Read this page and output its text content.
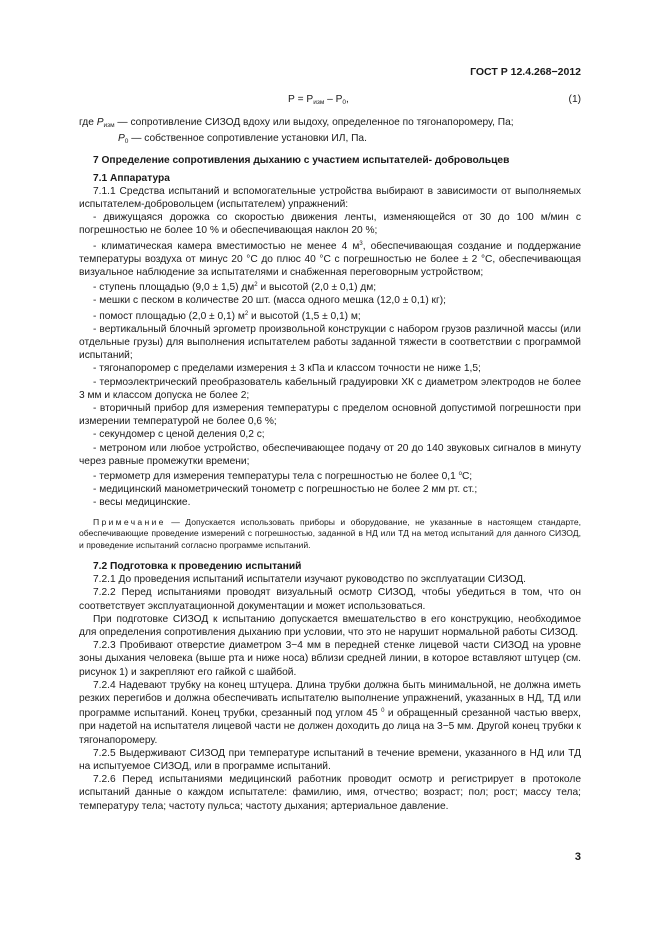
ГОСТ Р 12.4.268−2012
$Р = Р_{изм} - Р_0$,	(1)

где $Р_{изм}$ — сопротивление СИЗОД вдоху или выдоху, определенное по тягонапоромеру, Па;

$Р_0$ — собственное сопротивление установки ИЛ, Па.

7 Определение сопротивления дыханию с участием испытателей- добровольцев

7.1 Аппаратура

7.1.1 Средства испытаний и вспомогательные устройства выбирают в зависимости от выполняемых испытателем-добровольцем (испытателем) упражнений:

- движущаяся дорожка со скоростью движения ленты, изменяющейся от 30 до 100 м/мин с погрешностью не более 10 % и обеспечивающая наклон 20 %;

- климатическая камера вместимостью не менее 4 $м^3$, обеспечивающая создание и поддержание температуры воздуха от минус 20 °С до плюс 40 °С с погрешностью не более ± 2 °С, обеспечивающая визуальное наблюдение за испытателями и снабженная переговорным устройством;

- ступень площадью (9,0 ± 1,5) $дм^2$ и высотой (2,0 ± 0,1) дм;

- мешки с песком в количестве 20 шт. (масса одного мешка (12,0 ± 0,1) кг);

- помост площадью (2,0 ± 0,1) $м^2$ и высотой (1,5 ± 0,1) м;

- вертикальный блочный эргометр произвольной конструкции с набором грузов различной массы (или отдельные грузы) для выполнения испытателем работы заданной тяжести в соответствии с программой испытаний;

- тягонапоромер с пределами измерения ± 3 кПа и классом точности не ниже 1,5;

- термоэлектрический преобразователь кабельный градуировки ХК с диаметром электродов не более 3 мм и классом допуска не более 2;

- вторичный прибор для измерения температуры с пределом основной допустимой погрешности при измерении температурой не более 0,6 %;

- секундомер с ценой деления 0,2 с;

- метроном или любое устройство, обеспечивающее подачу от 20 до 140 звуковых сигналов в минуту через равные промежутки времени;

- термометр для измерения температуры тела с погрешностью не более 0,1 $^о$С;

- медицинский манометрический тонометр с погрешностью не более 2 мм рт. ст.;

- весы медицинские.

Примечание — Допускается использовать приборы и оборудование, не указанные в настоящем стандарте, обеспечивающие проведение измерений с погрешностью, заданной в НД или ТД на метод испытаний для данного СИЗОД, и проведение испытаний согласно программе испытаний.

7.2 Подготовка к проведению испытаний

7.2.1 До проведения испытаний испытатели изучают руководство по эксплуатации СИЗОД.

7.2.2 Перед испытаниями проводят визуальный осмотр СИЗОД, чтобы убедиться в том, что он соответствует эксплуатационной документации и может использоваться.

При подготовке СИЗОД к испытанию допускается вмешательство в его конструкцию, необходимое для определения сопротивления дыханию при условии, что это не нарушит нормальной работы СИЗОД.

7.2.3 Пробивают отверстие диаметром 3−4 мм в передней стенке лицевой части СИЗОД на уровне зоны дыхания человека (выше рта и ниже носа) вблизи средней линии, в которое вставляют штуцер (см. рисунок 1) и закрепляют его гайкой с шайбой.

7.2.4 Надевают трубку на конец штуцера. Длина трубки должна быть минимальной, не должна иметь резких перегибов и должна обеспечивать испытателю выполнение упражнений, указанных в НД, ТД или программе испытаний. Конец трубки, срезанный под углом 45 $^0$ и обращенный срезанной частью вверх, при надетой на испытателя лицевой части не должен доходить до лица на 3−5 мм. Другой конец трубки к тягонапоромеру.

7.2.5 Выдерживают СИЗОД при температуре испытаний в течение времени, указанного в НД или ТД на испытуемое СИЗОД, или в программе испытаний.

7.2.6 Перед испытаниями медицинский работник проводит осмотр и регистрирует в протоколе испытаний данные о каждом испытателе: фамилию, имя, отчество; возраст; пол; рост; массу тела; температуру тела; частоту пульса; частоту дыхания; артериальное давление.

3
